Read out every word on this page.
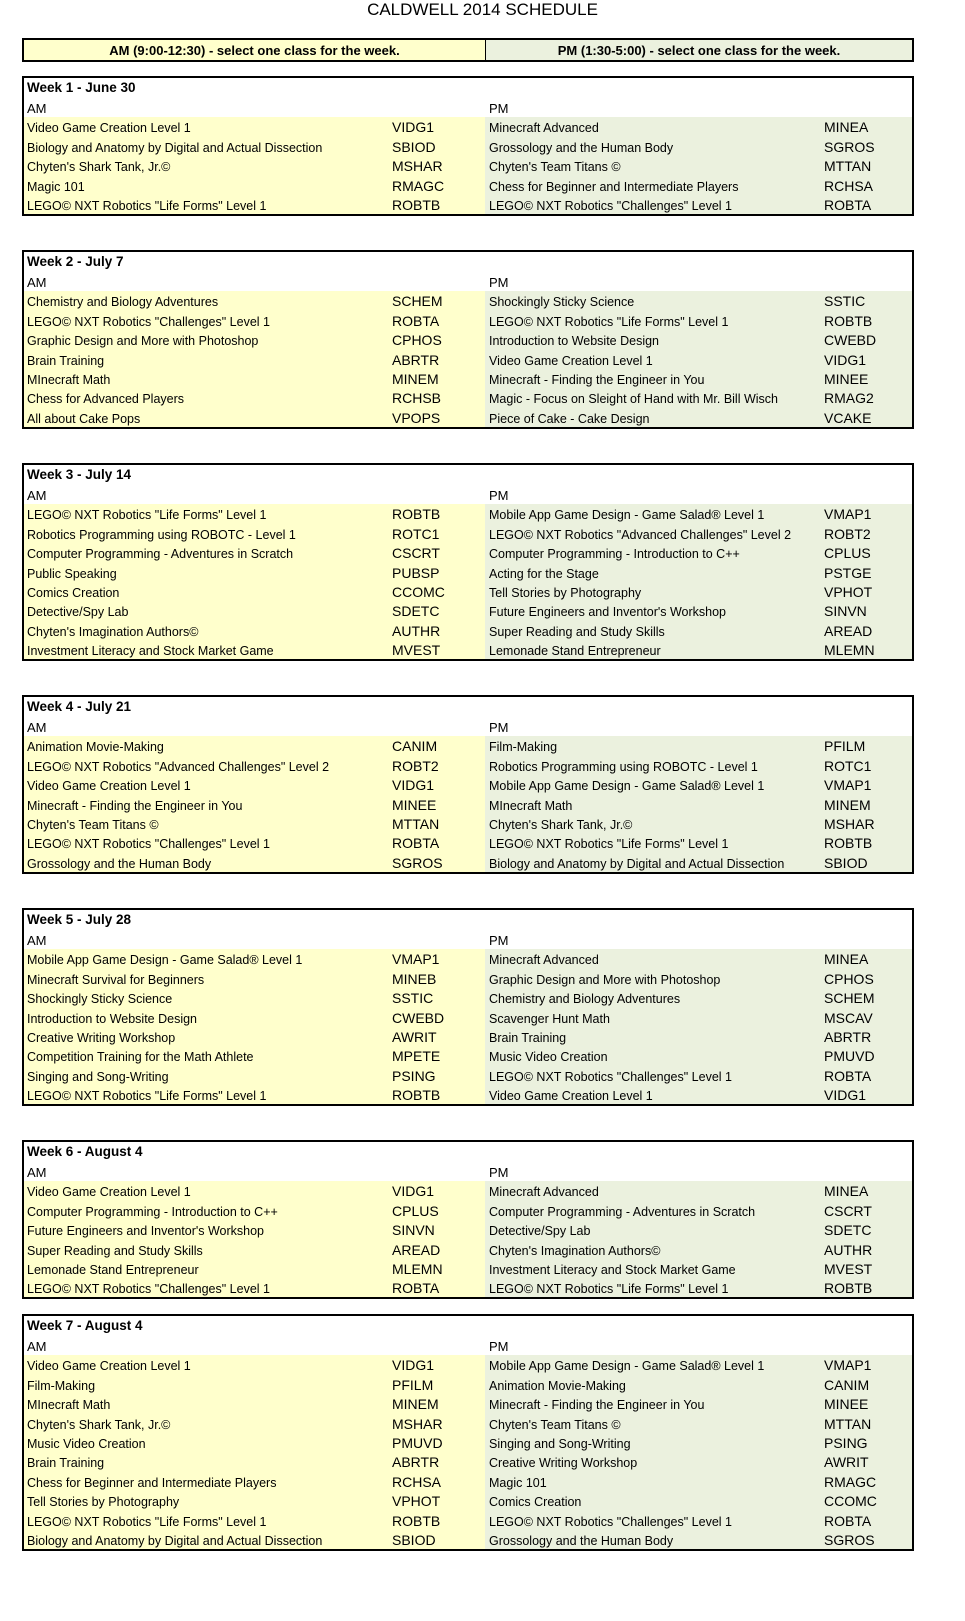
CALDWELL 2014 SCHEDULE
AM (9:00-12:30) - select one class for the week.	PM (1:30-5:00) - select one class for the week.
Week 1 - June 30
AM	PM
Video Game Creation Level 1	VIDG1	Minecraft Advanced	MINEA
Biology and Anatomy by Digital and Actual Dissection	SBIOD	Grossology and the Human Body	SGROS
Chyten's Shark Tank, Jr.©	MSHAR	Chyten's Team Titans ©	MTTAN
Magic 101	RMAGC	Chess for Beginner and Intermediate Players	RCHSA
LEGO© NXT Robotics "Life Forms" Level 1	ROBTB	LEGO© NXT Robotics "Challenges" Level 1	ROBTA
Week 2 - July 7
AM	PM
Chemistry and Biology Adventures	SCHEM	Shockingly Sticky Science	SSTIC
LEGO© NXT Robotics "Challenges" Level 1	ROBTA	LEGO© NXT Robotics "Life Forms" Level 1	ROBTB
Graphic Design and More with Photoshop	CPHOS	Introduction to Website Design	CWEBD
Brain Training	ABRTR	Video Game Creation Level 1	VIDG1
MInecraft Math	MINEM	Minecraft - Finding the Engineer in You	MINEE
Chess for Advanced Players	RCHSB	Magic - Focus on Sleight of Hand with Mr. Bill Wisch	RMAG2
All about Cake Pops	VPOPS	Piece of Cake - Cake Design	VCAKE
Week 3 - July 14
AM	PM
LEGO© NXT Robotics "Life Forms" Level 1	ROBTB	Mobile App Game Design - Game Salad® Level 1	VMAP1
Robotics Programming using ROBOTC - Level 1	ROTC1	LEGO© NXT Robotics "Advanced Challenges" Level 2	ROBT2
Computer Programming - Adventures in Scratch	CSCRT	Computer Programming - Introduction to C++	CPLUS
Public Speaking	PUBSP	Acting for the Stage	PSTGE
Comics Creation	CCOMC	Tell Stories by Photography	VPHOT
Detective/Spy Lab	SDETC	Future Engineers and Inventor's Workshop	SINVN
Chyten's Imagination Authors©	AUTHR	Super Reading and Study Skills	AREAD
Investment Literacy and Stock Market Game	MVEST	Lemonade Stand Entrepreneur	MLEMN
Week 4 - July 21
AM	PM
Animation Movie-Making	CANIM	Film-Making	PFILM
LEGO© NXT Robotics "Advanced Challenges" Level 2	ROBT2	Robotics Programming using ROBOTC - Level 1	ROTC1
Video Game Creation Level 1	VIDG1	Mobile App Game Design - Game Salad® Level 1	VMAP1
Minecraft - Finding the Engineer in You	MINEE	MInecraft Math	MINEM
Chyten's Team Titans ©	MTTAN	Chyten's Shark Tank, Jr.©	MSHAR
LEGO© NXT Robotics "Challenges" Level 1	ROBTA	LEGO© NXT Robotics "Life Forms" Level 1	ROBTB
Grossology and the Human Body	SGROS	Biology and Anatomy by Digital and Actual Dissection	SBIOD
Week 5 - July 28
AM	PM
Mobile App Game Design - Game Salad® Level 1	VMAP1	Minecraft Advanced	MINEA
Minecraft Survival for Beginners	MINEB	Graphic Design and More with Photoshop	CPHOS
Shockingly Sticky Science	SSTIC	Chemistry and Biology Adventures	SCHEM
Introduction to Website Design	CWEBD	Scavenger Hunt Math	MSCAV
Creative Writing Workshop	AWRIT	Brain Training	ABRTR
Competition Training for the Math Athlete	MPETE	Music Video Creation	PMUVD
Singing and Song-Writing	PSING	LEGO© NXT Robotics "Challenges" Level 1	ROBTA
LEGO© NXT Robotics "Life Forms" Level 1	ROBTB	Video Game Creation Level 1	VIDG1
Week 6 - August 4
AM	PM
Video Game Creation Level 1	VIDG1	Minecraft Advanced	MINEA
Computer Programming - Introduction to C++	CPLUS	Computer Programming - Adventures in Scratch	CSCRT
Future Engineers and Inventor's Workshop	SINVN	Detective/Spy Lab	SDETC
Super Reading and Study Skills	AREAD	Chyten's Imagination Authors©	AUTHR
Lemonade Stand Entrepreneur	MLEMN	Investment Literacy and Stock Market Game	MVEST
LEGO© NXT Robotics "Challenges" Level 1	ROBTA	LEGO© NXT Robotics "Life Forms" Level 1	ROBTB
Week 7 - August 4
AM	PM
Video Game Creation Level 1	VIDG1	Mobile App Game Design - Game Salad® Level 1	VMAP1
Film-Making	PFILM	Animation Movie-Making	CANIM
MInecraft Math	MINEM	Minecraft - Finding the Engineer in You	MINEE
Chyten's Shark Tank, Jr.©	MSHAR	Chyten's Team Titans ©	MTTAN
Music Video Creation	PMUVD	Singing and Song-Writing	PSING
Brain Training	ABRTR	Creative Writing Workshop	AWRIT
Chess for Beginner and Intermediate Players	RCHSA	Magic 101	RMAGC
Tell Stories by Photography	VPHOT	Comics Creation	CCOMC
LEGO© NXT Robotics "Life Forms" Level 1	ROBTB	LEGO© NXT Robotics "Challenges" Level 1	ROBTA
Biology and Anatomy by Digital and Actual Dissection	SBIOD	Grossology and the Human Body	SGROS
